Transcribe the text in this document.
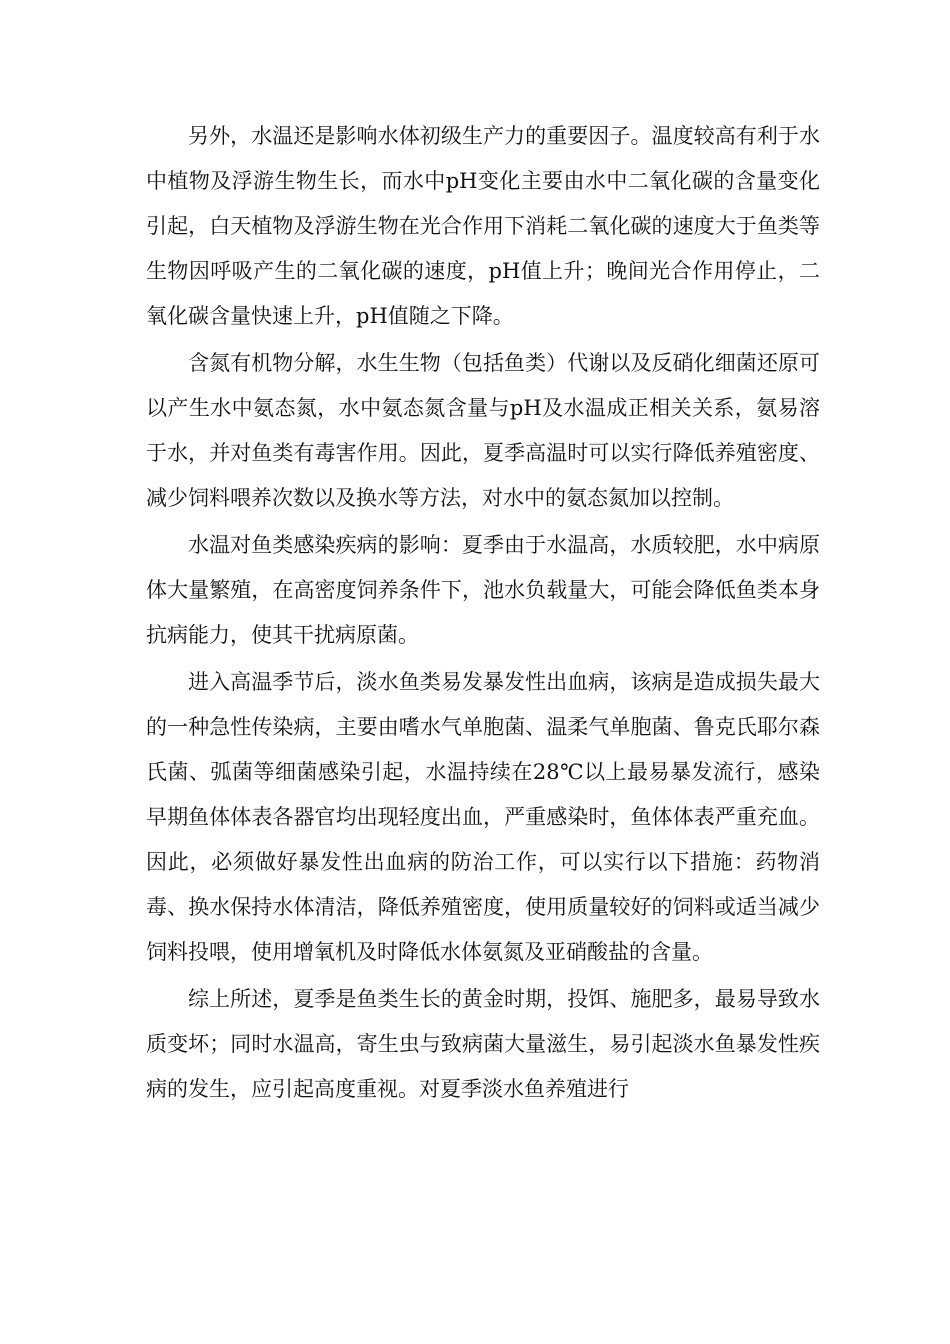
另外，水温还是影响水体初级生产力的重要因子。温度较高有利于水中植物及浮游生物生长，而水中pH变化主要由水中二氧化碳的含量变化引起，白天植物及浮游生物在光合作用下消耗二氧化碳的速度大于鱼类等生物因呼吸产生的二氧化碳的速度，pH值上升；晚间光合作用停止，二氧化碳含量快速上升，pH值随之下降。

含氮有机物分解，水生生物（包括鱼类）代谢以及反硝化细菌还原可以产生水中氨态氮，水中氨态氮含量与pH及水温成正相关关系，氨易溶于水，并对鱼类有毒害作用。因此，夏季高温时可以实行降低养殖密度、减少饲料喂养次数以及换水等方法，对水中的氨态氮加以控制。

水温对鱼类感染疾病的影响：夏季由于水温高，水质较肥，水中病原体大量繁殖，在高密度饲养条件下，池水负载量大，可能会降低鱼类本身抗病能力，使其干扰病原菌。

进入高温季节后，淡水鱼类易发暴发性出血病，该病是造成损失最大的一种急性传染病，主要由嗜水气单胞菌、温柔气单胞菌、鲁克氏耶尔森氏菌、弧菌等细菌感染引起，水温持续在28℃以上最易暴发流行，感染早期鱼体体表各器官均出现轻度出血，严重感染时，鱼体体表严重充血。因此，必须做好暴发性出血病的防治工作，可以实行以下措施：药物消毒、换水保持水体清洁，降低养殖密度，使用质量较好的饲料或适当减少饲料投喂，使用增氧机及时降低水体氨氮及亚硝酸盐的含量。

综上所述，夏季是鱼类生长的黄金时期，投饵、施肥多，最易导致水质变坏；同时水温高，寄生虫与致病菌大量滋生，易引起淡水鱼暴发性疾病的发生，应引起高度重视。对夏季淡水鱼养殖进行
